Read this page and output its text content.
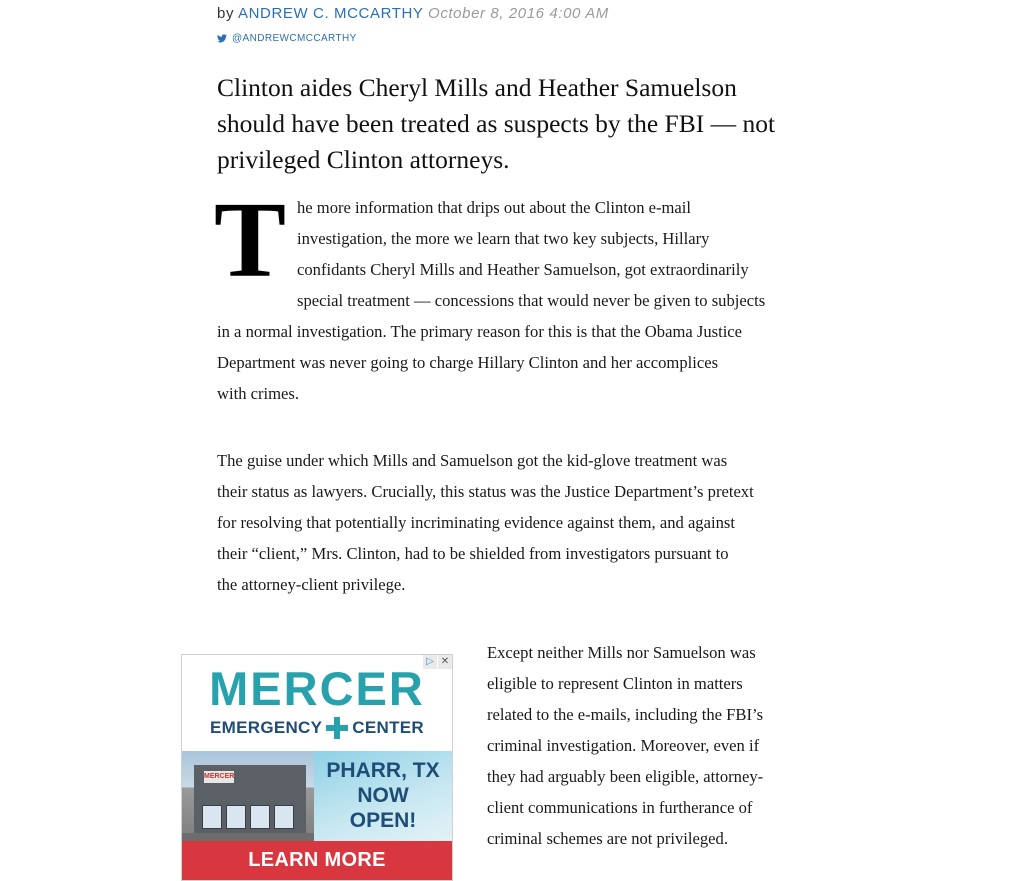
by ANDREW C. MCCARTHY October 8, 2016 4:00 AM
@ANDREWCMCCARTHY
Clinton aides Cheryl Mills and Heather Samuelson
should have been treated as suspects by the FBI — not
privileged Clinton attorneys.
T he more information that drips out about the Clinton e-mail
investigation, the more we learn that two key subjects, Hillary
confidants Cheryl Mills and Heather Samuelson, got extraordinarily
special treatment — concessions that would never be given to subjects

in a normal investigation. The primary reason for this is that the Obama Justice
Department was never going to charge Hillary Clinton and her accomplices
with crimes.

The guise under which Mills and Samuelson got the kid-glove treatment was
their status as lawyers. Crucially, this status was the Justice Department’s pretext
for resolving that potentially incriminating evidence against them, and against
their “client,” Mrs. Clinton, had to be shielded from investigators pursuant to
the attorney-client privilege.

▷ ✕
MERCER
EMERGENCY CENTER
MERCER	PHARR, TX
NOW
OPEN!
LEARN MORE

Except neither Mills nor Samuelson was
eligible to represent Clinton in matters
related to the e-mails, including the FBI’s
criminal investigation. Moreover, even if
they had arguably been eligible, attorney-
client communications in furtherance of
criminal schemes are not privileged.
